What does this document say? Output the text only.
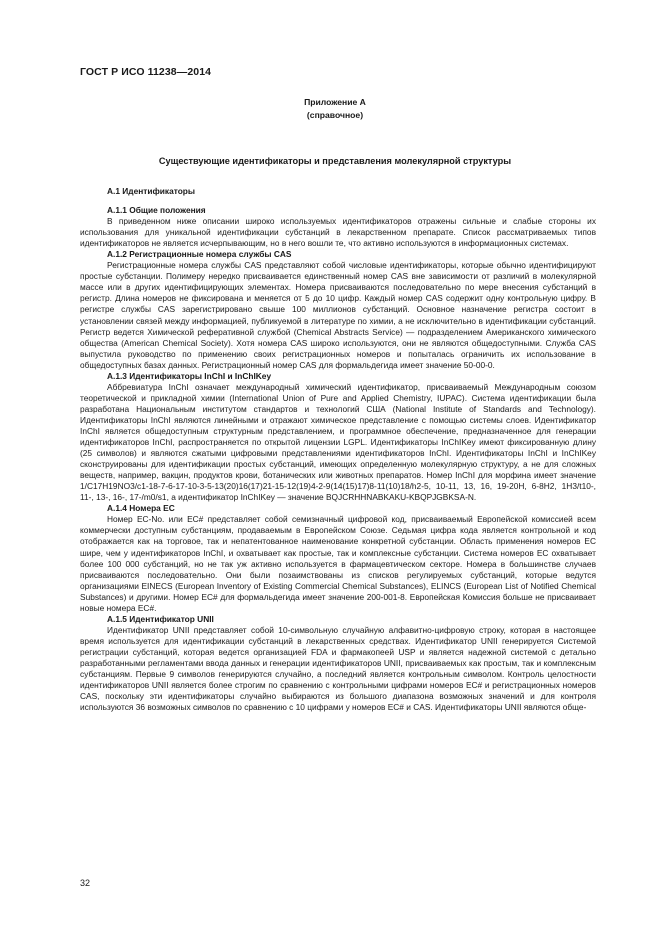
ГОСТ Р ИСО 11238—2014
Приложение А
(справочное)
Существующие идентификаторы и представления молекулярной структуры
А.1 Идентификаторы
А.1.1 Общие положения

В приведенном ниже описании широко используемых идентификаторов отражены сильные и слабые стороны их использования для уникальной идентификации субстанций в лекарственном препарате. Список рассматриваемых типов идентификаторов не является исчерпывающим, но в него вошли те, что активно используются в информационных системах.

А.1.2 Регистрационные номера службы CAS

Регистрационные номера службы CAS представляют собой числовые идентификаторы, которые обычно идентифицируют простые субстанции. Полимеру нередко присваивается единственный номер CAS вне зависимости от различий в молекулярной массе или в других идентифицирующих элементах. Номера присваиваются последовательно по мере внесения субстанций в регистр. Длина номеров не фиксирована и меняется от 5 до 10 цифр. Каждый номер CAS содержит одну контрольную цифру. В регистре службы CAS зарегистрировано свыше 100 миллионов субстанций. Основное назначение регистра состоит в установлении связей между информацией, публикуемой в литературе по химии, а не исключительно в идентификации субстанций. Регистр ведется Химической реферативной службой (Chemical Abstracts Service) — подразделением Американского химического общества (American Chemical Society). Хотя номера CAS широко используются, они не являются общедоступными. Служба CAS выпустила руководство по применению своих регистрационных номеров и попыталась ограничить их использование в общедоступных базах данных. Регистрационный номер CAS для формальдегида имеет значение 50-00-0.

А.1.3 Идентификаторы InChI и InChIKey

Аббревиатура InChI означает международный химический идентификатор, присваиваемый Международным союзом теоретической и прикладной химии (International Union of Pure and Applied Chemistry, IUPAC). Система идентификации была разработана Национальным институтом стандартов и технологий США (National Institute of Standards and Technology). Идентификаторы InChI являются линейными и отражают химическое представление с помощью системы слоев. Идентификатор InChI является общедоступным структурным представлением, и программное обеспечение, предназначенное для генерации идентификаторов InChI, распространяется по открытой лицензии LGPL. Идентификаторы InChIKey имеют фиксированную длину (25 символов) и являются сжатыми цифровыми представлениями идентификаторов InChI. Идентификаторы InChI и InChIKey сконструированы для идентификации простых субстанций, имеющих определенную молекулярную структуру, а не для сложных веществ, например, вакцин, продуктов крови, ботанических или животных препаратов. Номер InChI для морфина имеет значение 1/C17H19NO3/c1-18-7-6-17-10-3-5-13(20)16(17)21-15-12(19)4-2-9(14(15)17)8-11(10)18/h2-5, 10-11, 13, 16, 19-20H, 6-8H2, 1H3/t10-, 11-, 13-, 16-, 17-/m0/s1, а идентификатор InChIKey — значение BQJCRHHNABKAKU-KBQPJGBKSA-N.

А.1.4 Номера ЕС

Номер EC-No. или EC# представляет собой семизначный цифровой код, присваиваемый Европейской комиссией всем коммерчески доступным субстанциям, продаваемым в Европейском Союзе. Седьмая цифра кода является контрольной и код отображается как на торговое, так и непатентованное наименование конкретной субстанции. Область применения номеров ЕС шире, чем у идентификаторов InChI, и охватывает как простые, так и комплексные субстанции. Система номеров ЕС охватывает более 100 000 субстанций, но не так уж активно используется в фармацевтическом секторе. Номера в большинстве случаев присваиваются последовательно. Они были позаимствованы из списков регулируемых субстанций, которые ведутся организациями EINECS (European Inventory of Existing Commercial Chemical Substances), ELINCS (European List of Notified Chemical Substances) и другими. Номер ЕС# для формальдегида имеет значение 200-001-8. Европейская Комиссия больше не присваивает новые номера ЕС#.

А.1.5 Идентификатор UNII

Идентификатор UNII представляет собой 10-символьную случайную алфавитно-цифровую строку, которая в настоящее время используется для идентификации субстанций в лекарственных средствах. Идентификатор UNII генерируется Системой регистрации субстанций, которая ведется организацией FDA и фармакопеей USP и является надежной системой с детально разработанными регламентами ввода данных и генерации идентификаторов UNII, присваиваемых как простым, так и комплексным субстанциям. Первые 9 символов генерируются случайно, а последний является контрольным символом. Контроль целостности идентификаторов UNII является более строгим по сравнению с контрольными цифрами номеров ЕС# и регистрационных номеров CAS, поскольку эти идентификаторы случайно выбираются из большого диапазона возможных значений и для контроля используются 36 возможных символов по сравнению с 10 цифрами у номеров ЕС# и CAS. Идентификаторы UNII являются обще-

32
